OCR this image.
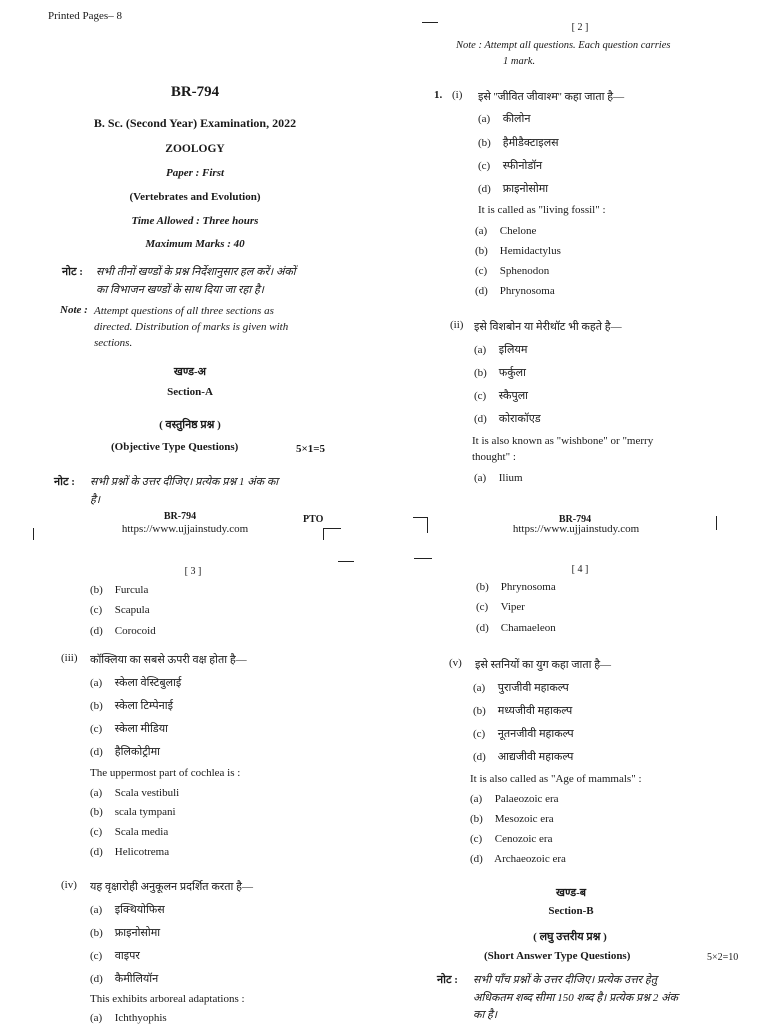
Printed Pages– 8
BR-794
B. Sc. (Second Year) Examination, 2022
ZOOLOGY
Paper : First
(Vertebrates and Evolution)
Time Allowed : Three hours
Maximum Marks : 40
नोट : सभी तीनों खण्डों के प्रश्न निर्देशानुसार हल करें। अंकों
का विभाजन खण्डों के साथ दिया जा रहा है।
Note : Attempt questions of all three sections as
directed. Distribution of marks is given with
sections.
खण्ड-अ
Section-A
( वस्तुनिष्ठ प्रश्न )
(Objective Type Questions)	5×1=5
नोट : सभी प्रश्नों के उत्तर दीजिए। प्रत्येक प्रश्न 1 अंक का
है।
BR-794
https://www.ujjainstudy.com
PTO
[ 2 ]
Note : Attempt all questions. Each question carries
1 mark.
1. (i) इसे ''जीवित जीवाश्म'' कहा जाता है—
(a) कीलोन
(b) हैमीडैक्टाइलस
(c) स्फीनोडॉन
(d) फ्राइनोसोमा
It is called as "living fossil" :
(a) Chelone
(b) Hemidactylus
(c) Sphenodon
(d) Phrynosoma
(ii) इसे विशबोन या मेरीथॉट भी कहते है—
(a) इलियम
(b) फर्कुला
(c) स्कैपुला
(d) कोराकॉएड
It is also known as "wishbone" or "merry
thought" :
(a) Ilium
BR-794
https://www.ujjainstudy.com
[ 3 ]
(b) Furcula
(c) Scapula
(d) Corocoid
(iii) कॉक्लिया का सबसे ऊपरी वक्ष होता है—
(a) स्केला वेस्टिबुलाई
(b) स्केला टिम्पेनाई
(c) स्केला मीडिया
(d) हैलिकोट्रीमा
The uppermost part of cochlea is :
(a) Scala vestibuli
(b) scala tympani
(c) Scala media
(d) Helicotrema
(iv) यह वृक्षारोही अनुकूलन प्रदर्शित करता है—
(a) इक्थियोफिस
(b) फ्राइनोसोमा
(c) वाइपर
(d) कैमीलियॉन
This exhibits arboreal adaptations :
(a) Ichthyophis
[ 4 ]
(b) Phrynosoma
(c) Viper
(d) Chamaeleon
(v) इसे स्तनियों का युग कहा जाता है—
(a) पुराजीवी महाकल्प
(b) मध्यजीवी महाकल्प
(c) नूतनजीवी महाकल्प
(d) आद्यजीवी महाकल्प
It is also called as "Age of mammals" :
(a) Palaeozoic era
(b) Mesozoic era
(c) Cenozoic era
(d) Archaeozoic era
खण्ड-ब
Section-B
( लघु उत्तरीय प्रश्न )
(Short Answer Type Questions)	5×2=10
नोट : सभी पाँच प्रश्नों के उत्तर दीजिए। प्रत्येक उत्तर हेतु
अधिकतम शब्द सीमा 150 शब्द है। प्रत्येक प्रश्न 2 अंक
का है।
